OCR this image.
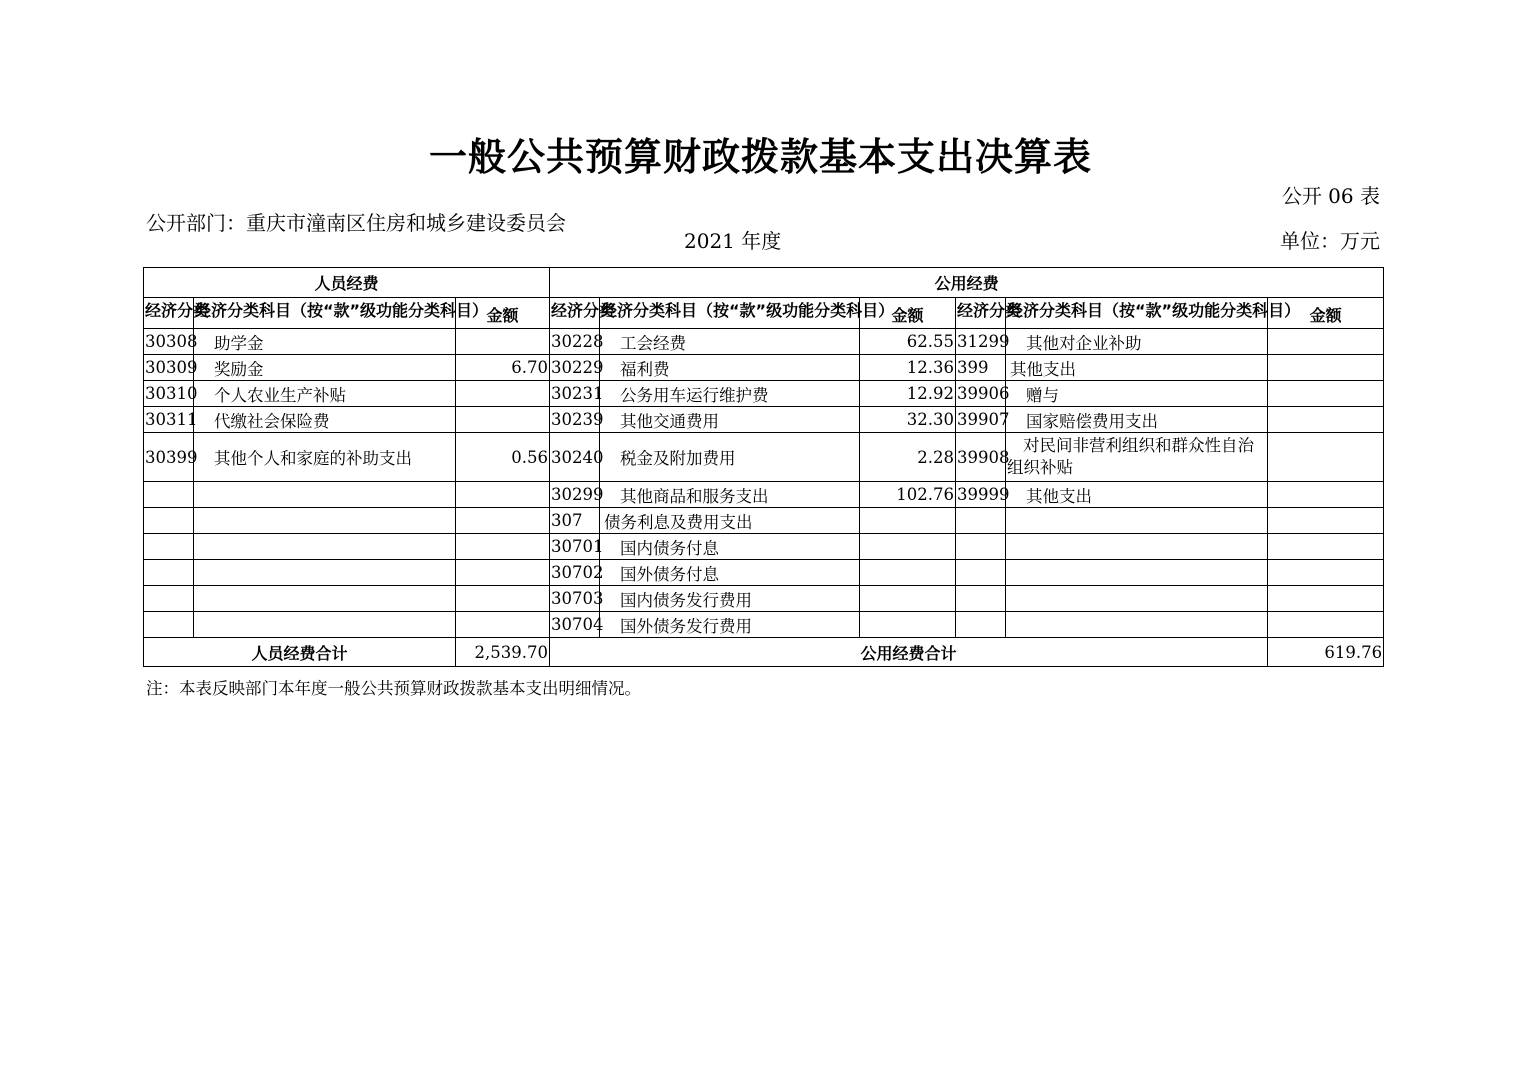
一般公共预算财政拨款基本支出决算表
公开 06 表
公开部门：重庆市潼南区住房和城乡建设委员会
2021 年度	单位：万元
人员经费			公用经费					

经济分类	经济分类科目（按“款”级功能分类科目）	金额	经济分类	经济分类科目（按“款”级功能分类科目）	金额	经济分类	经济分类科目（按“款”级功能分类科目）	金额
30308	助学金		30228	工会经费	62.55	31299	其他对企业补助	
30309	奖励金	6.70	30229	福利费	12.36	399	其他支出	
30310	个人农业生产补贴		30231	公务用车运行维护费	12.92	39906	赠与	
30311	代缴社会保险费		30239	其他交通费用	32.30	39907	国家赔偿费用支出	
30399	其他个人和家庭的补助支出	0.56	30240	税金及附加费用	2.28	39908	对民间非营利组织和群众性自治组织补贴	
			30299	其他商品和服务支出	102.76	39999	其他支出	
			307	债务利息及费用支出				
			30701	国内债务付息				
			30702	国外债务付息				
			30703	国内债务发行费用				
			30704	国外债务发行费用				
人员经费合计		2,539.70	公用经费合计					619.76
注：本表反映部门本年度一般公共预算财政拨款基本支出明细情况。
